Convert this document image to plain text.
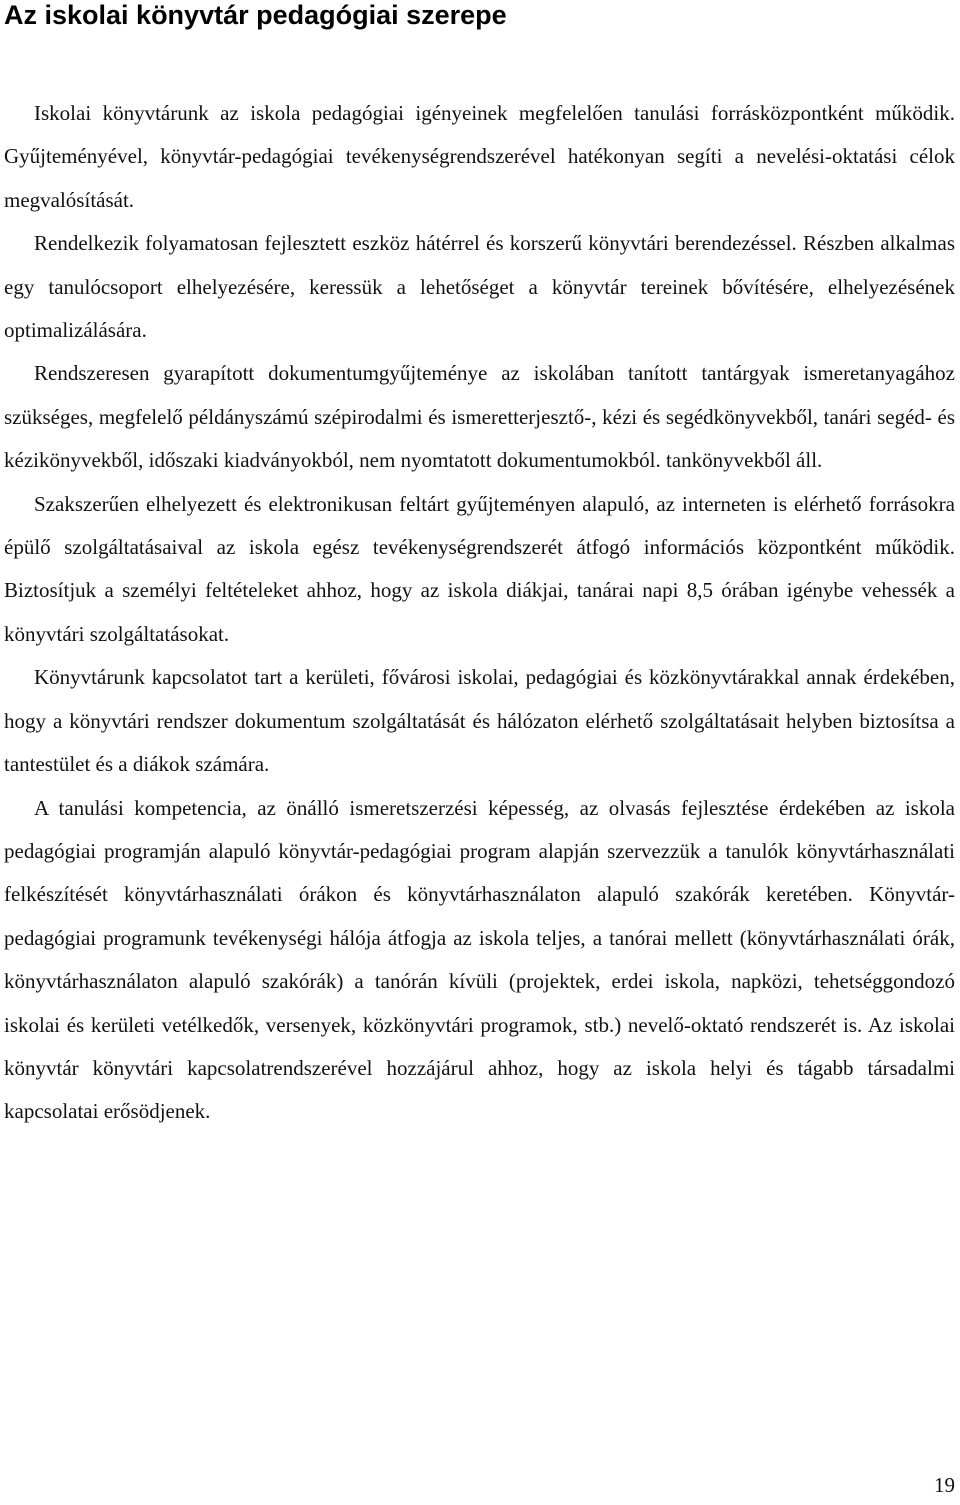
Az iskolai könyvtár pedagógiai szerepe

Iskolai könyvtárunk az iskola pedagógiai igényeinek megfelelően tanulási forrásközpontként működik. Gyűjteményével, könyvtár-pedagógiai tevékenységrendszerével hatékonyan segíti a nevelési-oktatási célok megvalósítását.

Rendelkezik folyamatosan fejlesztett eszköz hátérrel és korszerű könyvtári berendezéssel. Részben alkalmas egy tanulócsoport elhelyezésére, keressük a lehetőséget a könyvtár tereinek bővítésére, elhelyezésének optimalizálására.

Rendszeresen gyarapított dokumentumgyűjteménye az iskolában tanított tantárgyak ismeretanyagához szükséges, megfelelő példányszámú szépirodalmi és ismeretterjesztő-, kézi és segédkönyvekből, tanári segéd- és kézikönyvekből, időszaki kiadványokból, nem nyomtatott dokumentumokból. tankönyvekből áll.

Szakszerűen elhelyezett és elektronikusan feltárt gyűjteményen alapuló, az interneten is elérhető forrásokra épülő szolgáltatásaival az iskola egész tevékenységrendszerét átfogó információs központként működik. Biztosítjuk a személyi feltételeket ahhoz, hogy az iskola diákjai, tanárai napi 8,5 órában igénybe vehessék a könyvtári szolgáltatásokat.

Könyvtárunk kapcsolatot tart a kerületi, fővárosi iskolai, pedagógiai és közkönyvtárakkal annak érdekében, hogy a könyvtári rendszer dokumentum szolgáltatását és hálózaton elérhető szolgáltatásait helyben biztosítsa a tantestület és a diákok számára.

A tanulási kompetencia, az önálló ismeretszerzési képesség, az olvasás fejlesztése érdekében az iskola pedagógiai programján alapuló könyvtár-pedagógiai program alapján szervezzük a tanulók könyvtárhasználati felkészítését könyvtárhasználati órákon és könyvtárhasználaton alapuló szakórák keretében. Könyvtár-pedagógiai programunk tevékenységi hálója átfogja az iskola teljes, a tanórai mellett (könyvtárhasználati órák, könyvtárhasználaton alapuló szakórák) a tanórán kívüli (projektek, erdei iskola, napközi, tehetséggondozó iskolai és kerületi vetélkedők, versenyek, közkönyvtári programok, stb.) nevelő-oktató rendszerét is. Az iskolai könyvtár könyvtári kapcsolatrendszerével hozzájárul ahhoz, hogy az iskola helyi és tágabb társadalmi kapcsolatai erősödjenek.

19
